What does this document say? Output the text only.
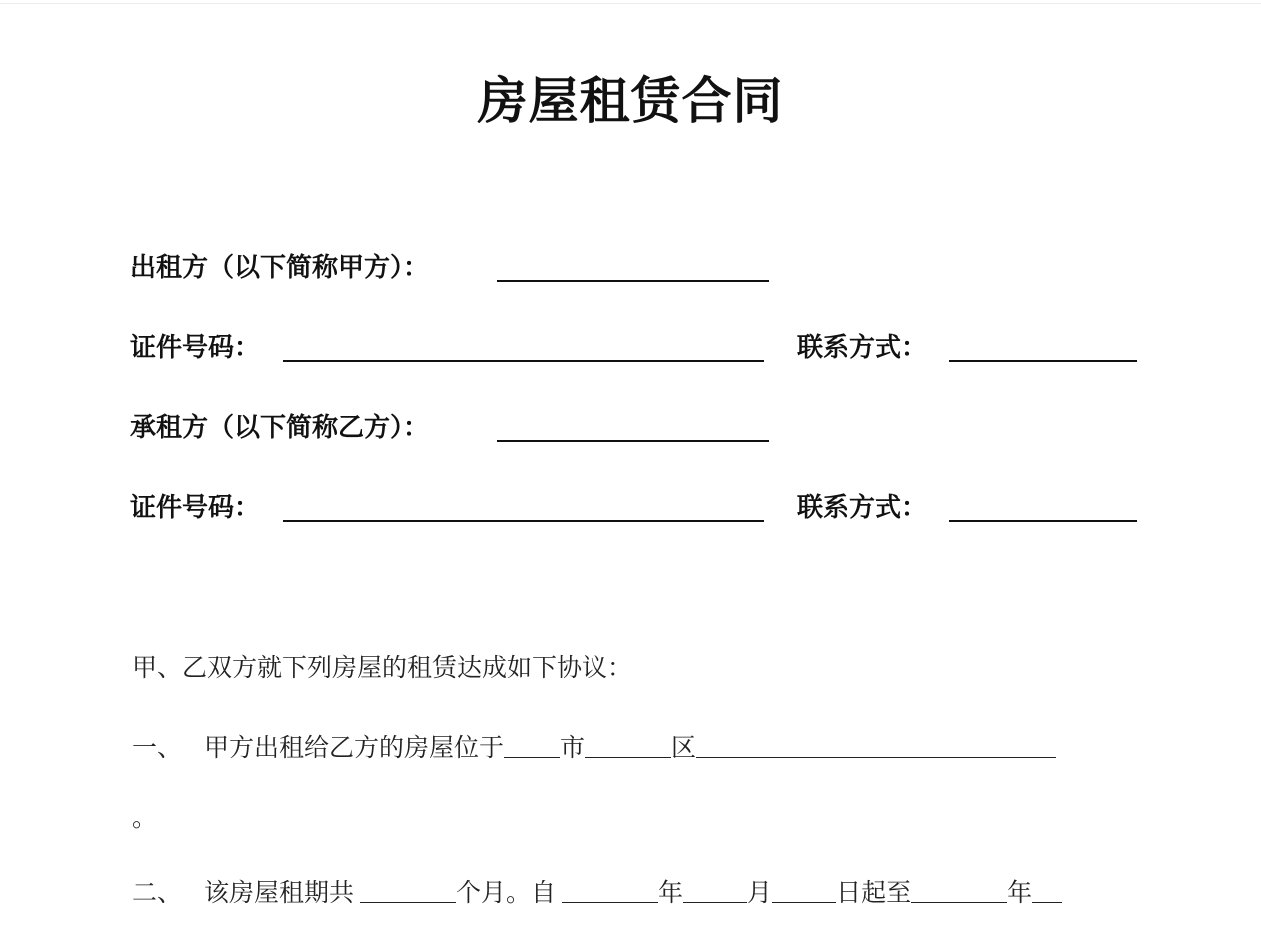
房屋租赁合同
出租方（以下简称甲方）：
证件号码：	联系方式：
承租方（以下简称乙方）：
证件号码：	联系方式：
甲、乙双方就下列房屋的租赁达成如下协议：
一、 甲方出租给乙方的房屋位于 市	区
。
二、 该房屋租期共	个月。自	年	月	日起至	年
